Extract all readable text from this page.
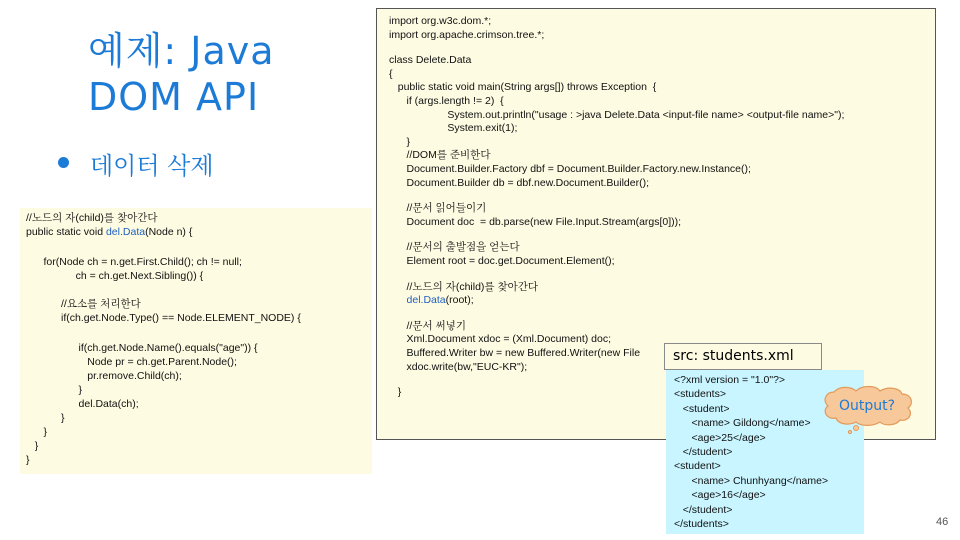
예제: Java
DOM API
데이터 삭제
//노드의 자(child)를 찾아간다
public static void del.Data(Node n) {
for(Node ch = n.get.First.Child(); ch != null;
ch = ch.get.Next.Sibling()) {
//요소를 처리한다
if(ch.get.Node.Type() == Node.ELEMENT_NODE) {
if(ch.get.Node.Name().equals("age")) {
Node pr = ch.get.Parent.Node();
pr.remove.Child(ch);
}
del.Data(ch);
}
}
}
}
import org.w3c.dom.*;
import org.apache.crimson.tree.*;
class Delete.Data
{
public static void main(String args[]) throws Exception  {
if (args.length != 2)  {
System.out.println("usage : >java Delete.Data <input-file name> <output-file name>");
System.exit(1);
}
//DOM를 준비한다
Document.Builder.Factory dbf = Document.Builder.Factory.new.Instance();
Document.Builder db = dbf.new.Document.Builder();
//문서 읽어들이기
Document doc  = db.parse(new File.Input.Stream(args[0]));
//문서의 출발점을 얻는다
Element root = doc.get.Document.Element();
//노드의 자(child)를 찾아간다
del.Data(root);
//문서 써넣기
Xml.Document xdoc = (Xml.Document) doc;
Buffered.Writer bw = new Buffered.Writer(new File
xdoc.write(bw,"EUC-KR");
}
src: students.xml
<?xml version = "1.0"?>
<students>
<student>
<name> Gildong</name>
<age>25</age>
</student>
<student>
<name> Chunhyang</name>
<age>16</age>
</student>
</students>
Output?
46
